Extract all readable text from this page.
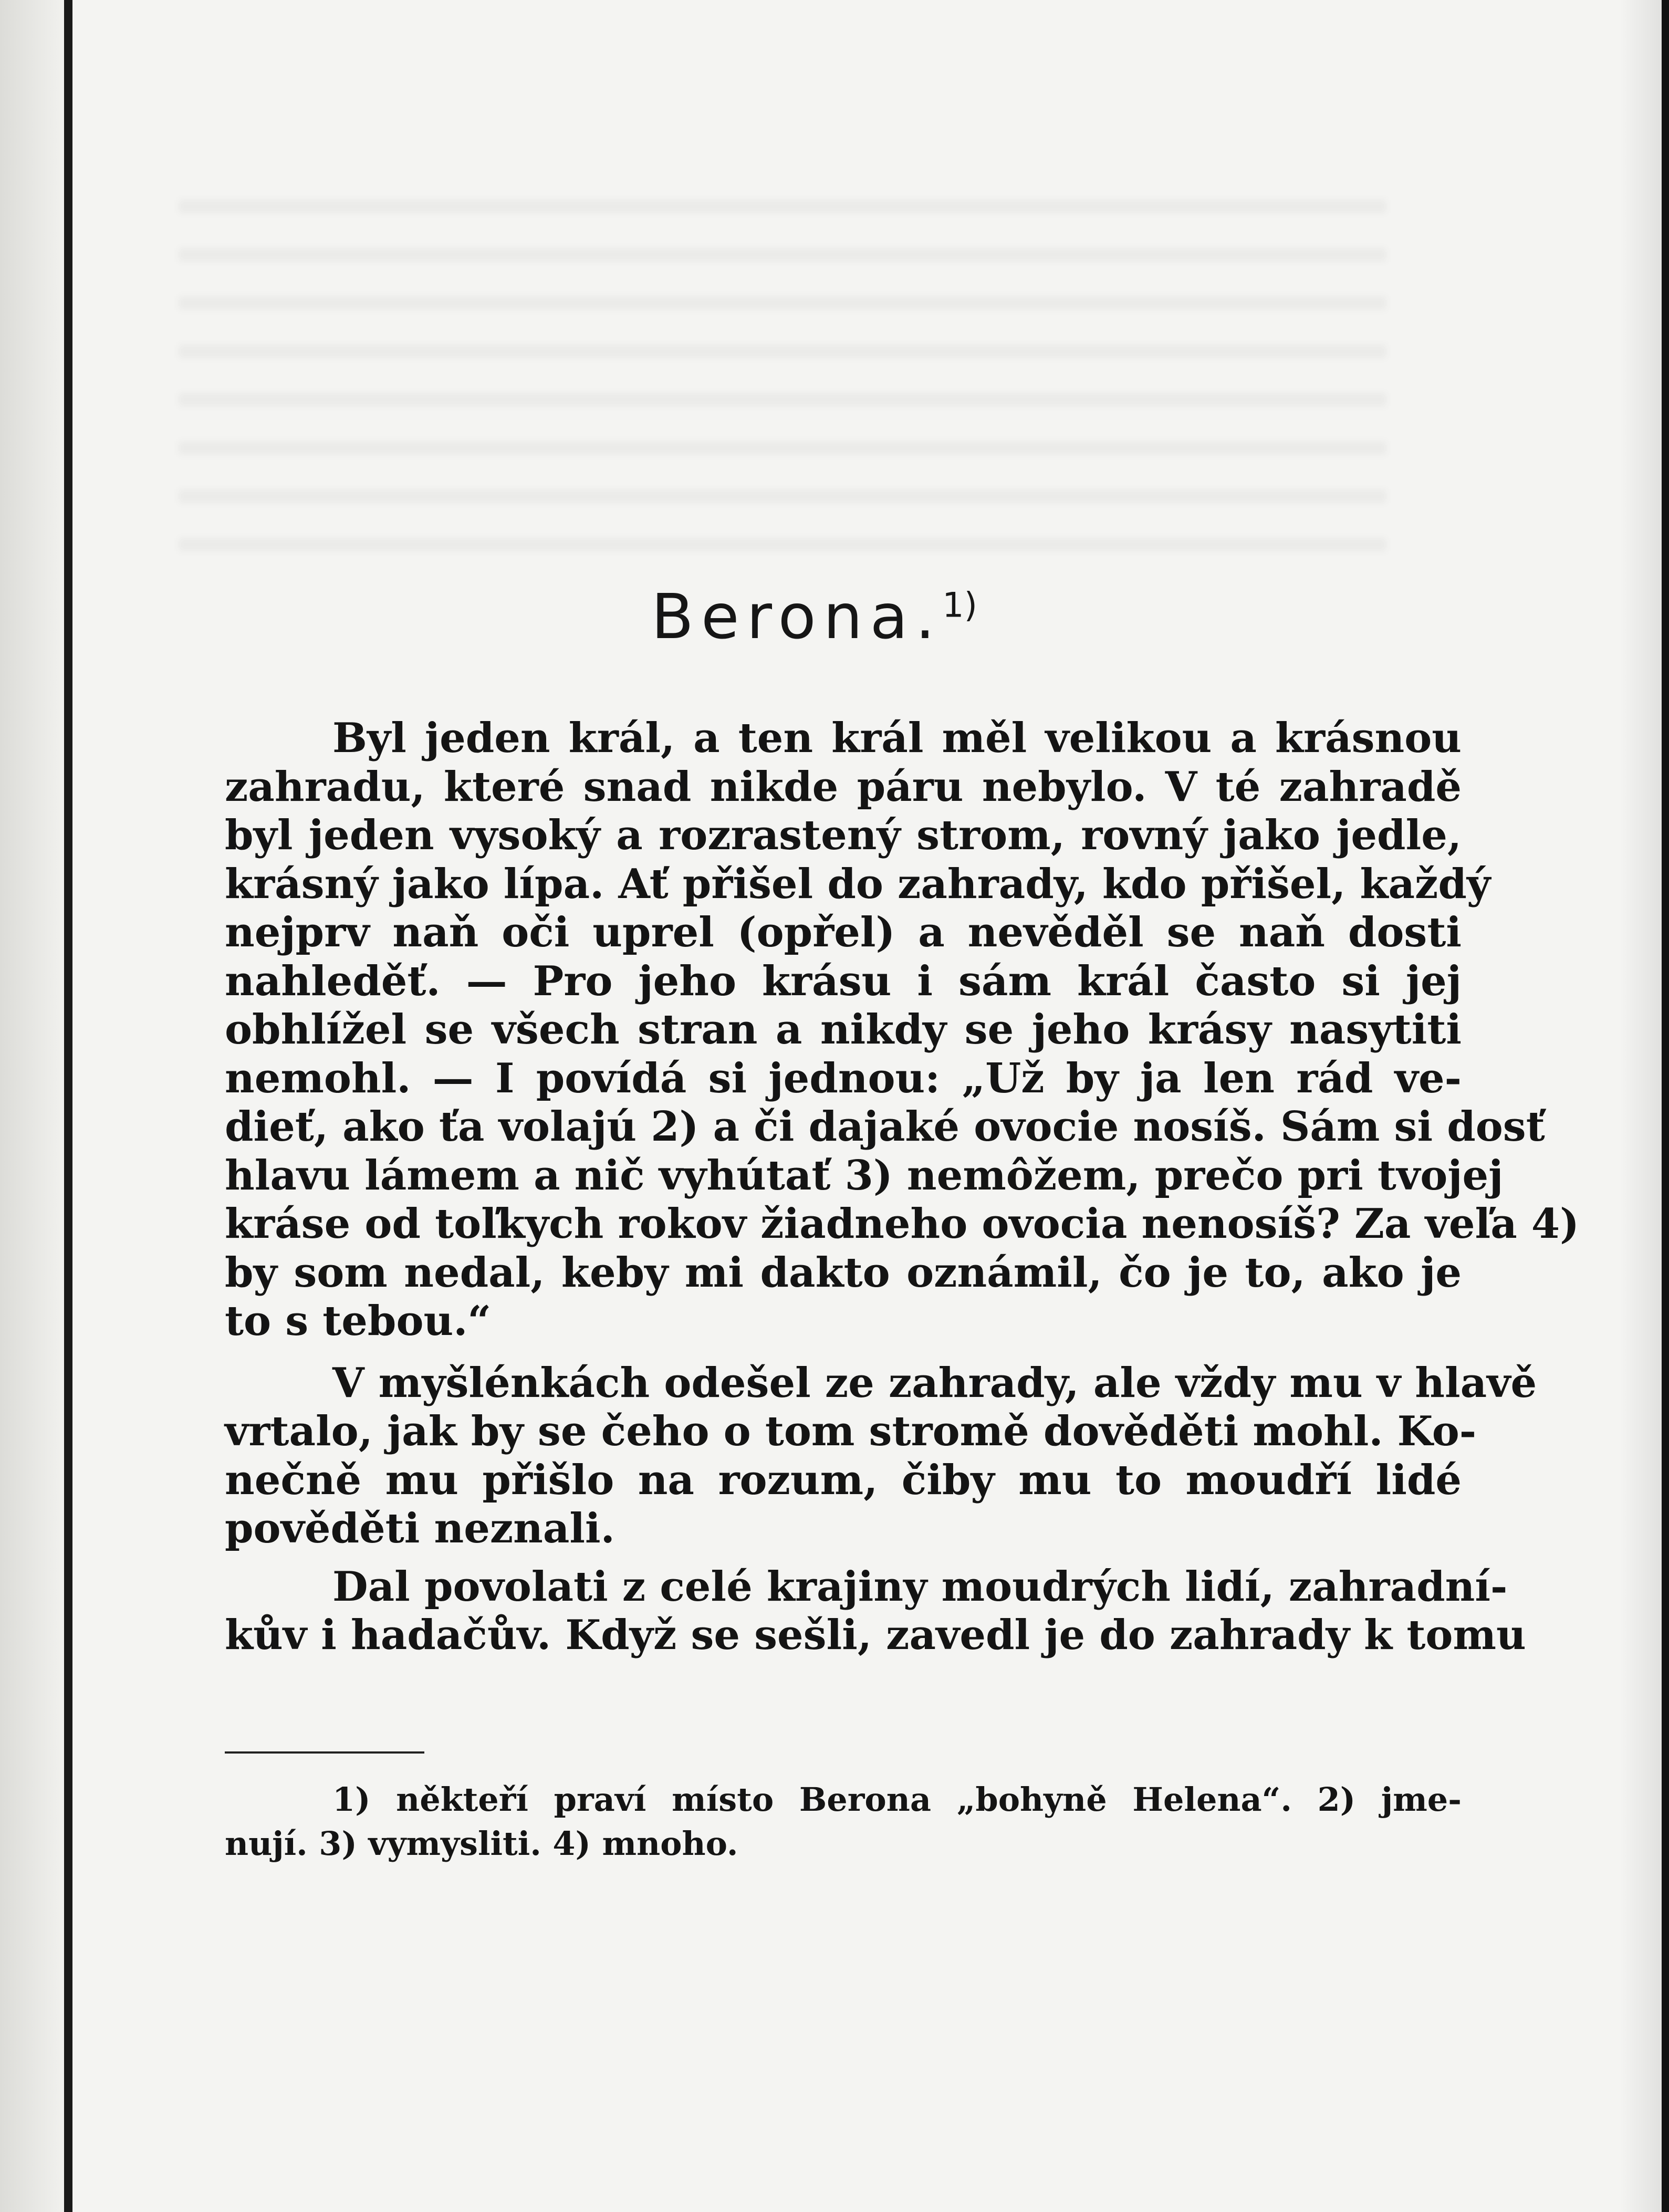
Berona.$^{1)}$
Byl jeden král, a ten král měl velikou a krásnou
zahradu, které snad nikde páru nebylo. V té zahradě
byl jeden vysoký a rozrastený strom, rovný jako jedle,
krásný jako lípa. Ať přišel do zahrady, kdo přišel, každý
nejprv naň oči uprel (opřel) a nevěděl se naň dosti
nahleděť. — Pro jeho krásu i sám král často si jej
obhlížel se všech stran a nikdy se jeho krásy nasytiti
nemohl. — I povídá si jednou: „Už by ja len rád ve-
dieť, ako ťa volajú 2) a či dajaké ovocie nosíš. Sám si dosť
hlavu lámem a nič vyhútať 3) nemôžem, prečo pri tvojej
kráse od toľkych rokov žiadneho ovocia nenosíš? Za veľa 4)
by som nedal, keby mi dakto oznámil, čo je to, ako je
to s tebou.“
V myšlénkách odešel ze zahrady, ale vždy mu v hlavě
vrtalo, jak by se čeho o tom stromě dověděti mohl. Ko-
nečně mu přišlo na rozum, čiby mu to moudří lidé
pověděti neznali.
Dal povolati z celé krajiny moudrých lidí, zahradní-
kův i hadačův. Když se sešli, zavedl je do zahrady k tomu
1) někteří praví místo Berona „bohyně Helena“. 2) jme-
nují. 3) vymysliti. 4) mnoho.
